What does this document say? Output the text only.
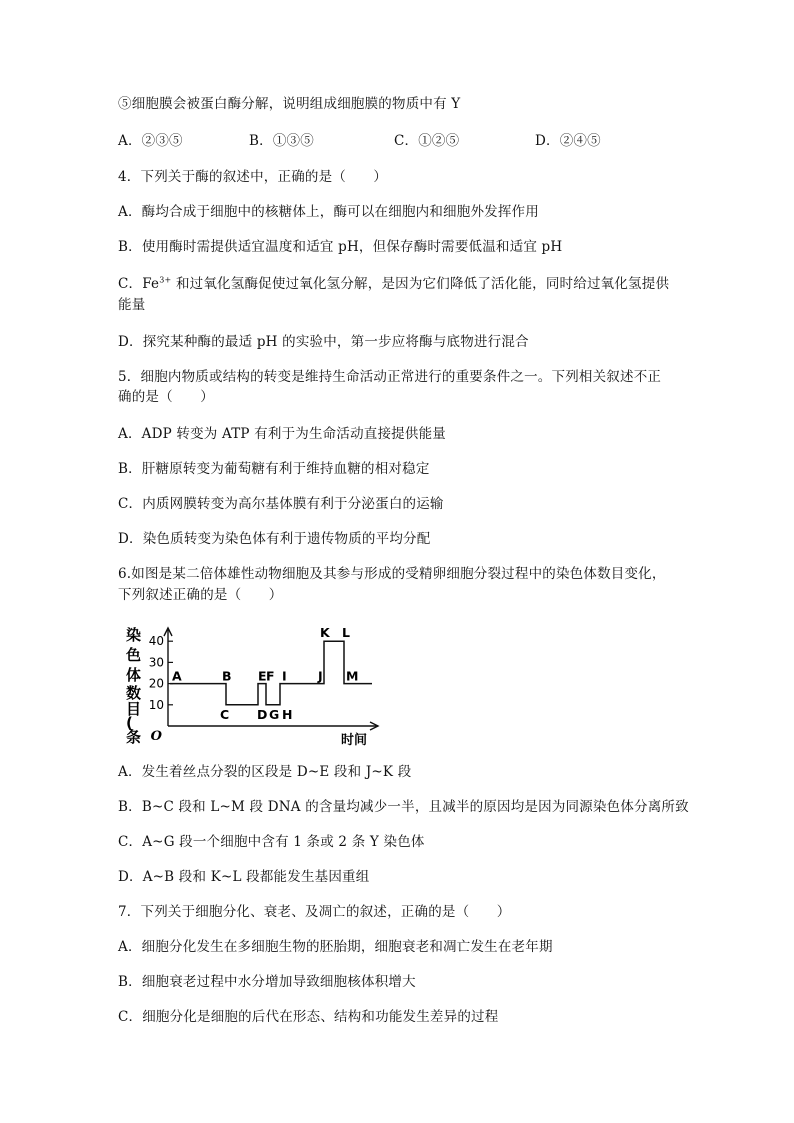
⑤细胞膜会被蛋白酶分解，说明组成细胞膜的物质中有 Y
A．②③⑤	B．①③⑤	C．①②⑤	D．②④⑤
4．下列关于酶的叙述中，正确的是（　　）
A．酶均合成于细胞中的核糖体上，酶可以在细胞内和细胞外发挥作用
B．使用酶时需提供适宜温度和适宜 pH，但保存酶时需要低温和适宜 pH
C．$Fe^{3+}$ 和过氧化氢酶促使过氧化氢分解，是因为它们降低了活化能，同时给过氧化氢提供
能量
D．探究某种酶的最适 pH 的实验中，第一步应将酶与底物进行混合
5．细胞内物质或结构的转变是维持生命活动正常进行的重要条件之一。下列相关叙述不正
确的是（　　）
A．ADP 转变为 ATP 有利于为生命活动直接提供能量
B．肝糖原转变为葡萄糖有利于维持血糖的相对稳定
C．内质网膜转变为高尔基体膜有利于分泌蛋白的运输
D．染色质转变为染色体有利于遗传物质的平均分配
6.如图是某二倍体雄性动物细胞及其参与形成的受精卵细胞分裂过程中的染色体数目变化，
下列叙述正确的是（　　）
染
色
体
数
目
(
条
10
20
30
40
O	时间
A	B
C
E F
D G H
I	J
K L
M
A．发生着丝点分裂的区段是 D~E 段和 J~K 段
B．B~C 段和 L~M 段 DNA 的含量均减少一半，且减半的原因均是因为同源染色体分离所致
C．A~G 段一个细胞中含有 1 条或 2 条 Y 染色体
D．A~B 段和 K~L 段都能发生基因重组
7．下列关于细胞分化、衰老、及凋亡的叙述，正确的是（　　）
A．细胞分化发生在多细胞生物的胚胎期，细胞衰老和凋亡发生在老年期
B．细胞衰老过程中水分增加导致细胞核体积增大
C．细胞分化是细胞的后代在形态、结构和功能发生差异的过程
